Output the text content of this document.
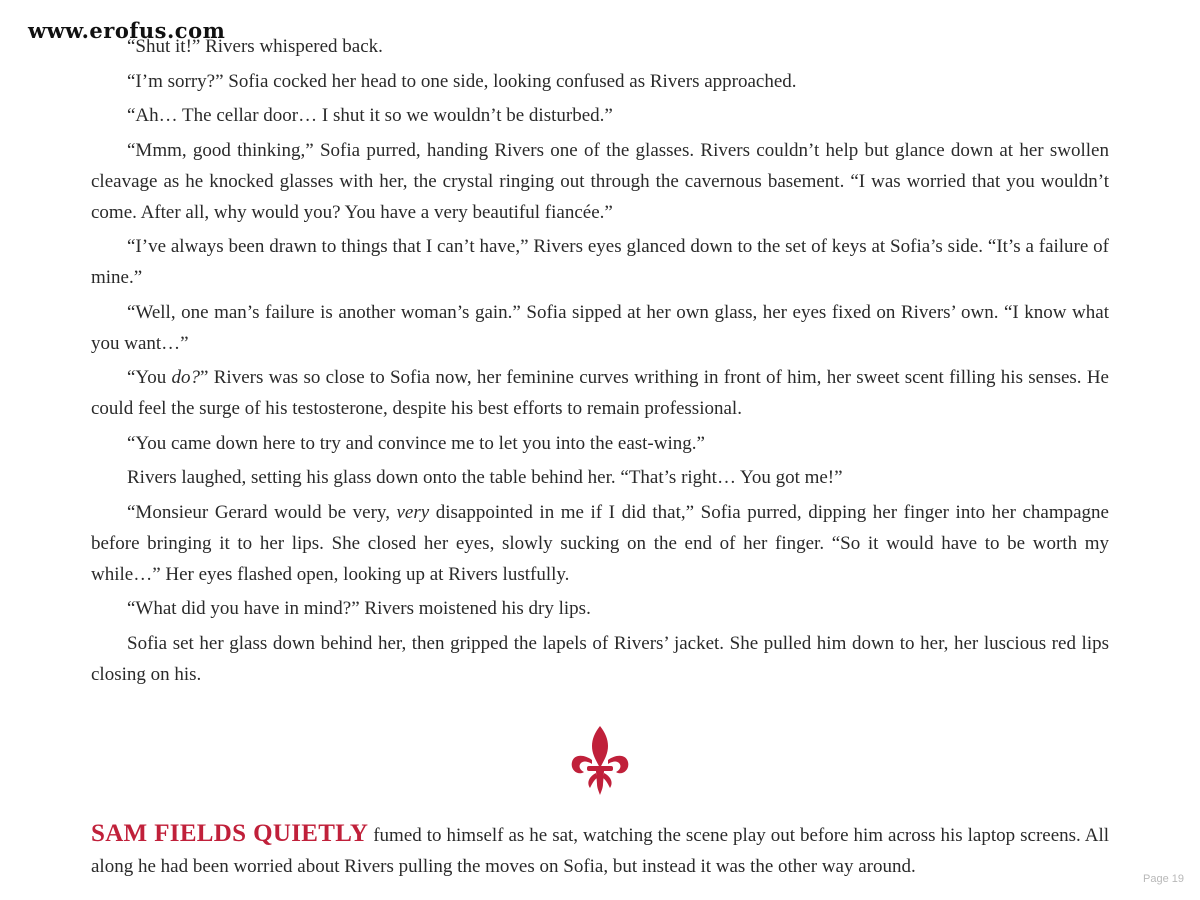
www.erofus.com

“Shut it!” Rivers whispered back.

“I’m sorry?” Sofia cocked her head to one side, looking confused as Rivers approached.

“Ah… The cellar door… I shut it so we wouldn’t be disturbed.”

“Mmm, good thinking,” Sofia purred, handing Rivers one of the glasses. Rivers couldn’t help but glance down at her swollen cleavage as he knocked glasses with her, the crystal ringing out through the cavernous basement. “I was worried that you wouldn’t come. After all, why would you? You have a very beautiful fiancée.”

“I’ve always been drawn to things that I can’t have,” Rivers eyes glanced down to the set of keys at Sofia’s side. “It’s a failure of mine.”

“Well, one man’s failure is another woman’s gain.” Sofia sipped at her own glass, her eyes fixed on Rivers’ own. “I know what you want…”

“You do?” Rivers was so close to Sofia now, her feminine curves writhing in front of him, her sweet scent filling his senses. He could feel the surge of his testosterone, despite his best efforts to remain professional.

“You came down here to try and convince me to let you into the east-wing.”

Rivers laughed, setting his glass down onto the table behind her. “That’s right… You got me!”

“Monsieur Gerard would be very, very disappointed in me if I did that,” Sofia purred, dipping her finger into her champagne before bringing it to her lips. She closed her eyes, slowly sucking on the end of her finger. “So it would have to be worth my while…” Her eyes flashed open, looking up at Rivers lustfully.

“What did you have in mind?” Rivers moistened his dry lips.

Sofia set her glass down behind her, then gripped the lapels of Rivers’ jacket. She pulled him down to her, her luscious red lips closing on his.

SAM FIELDS QUIETLY fumed to himself as he sat, watching the scene play out before him across his laptop screens. All along he had been worried about Rivers pulling the moves on Sofia, but instead it was the other way around.

Page 19
